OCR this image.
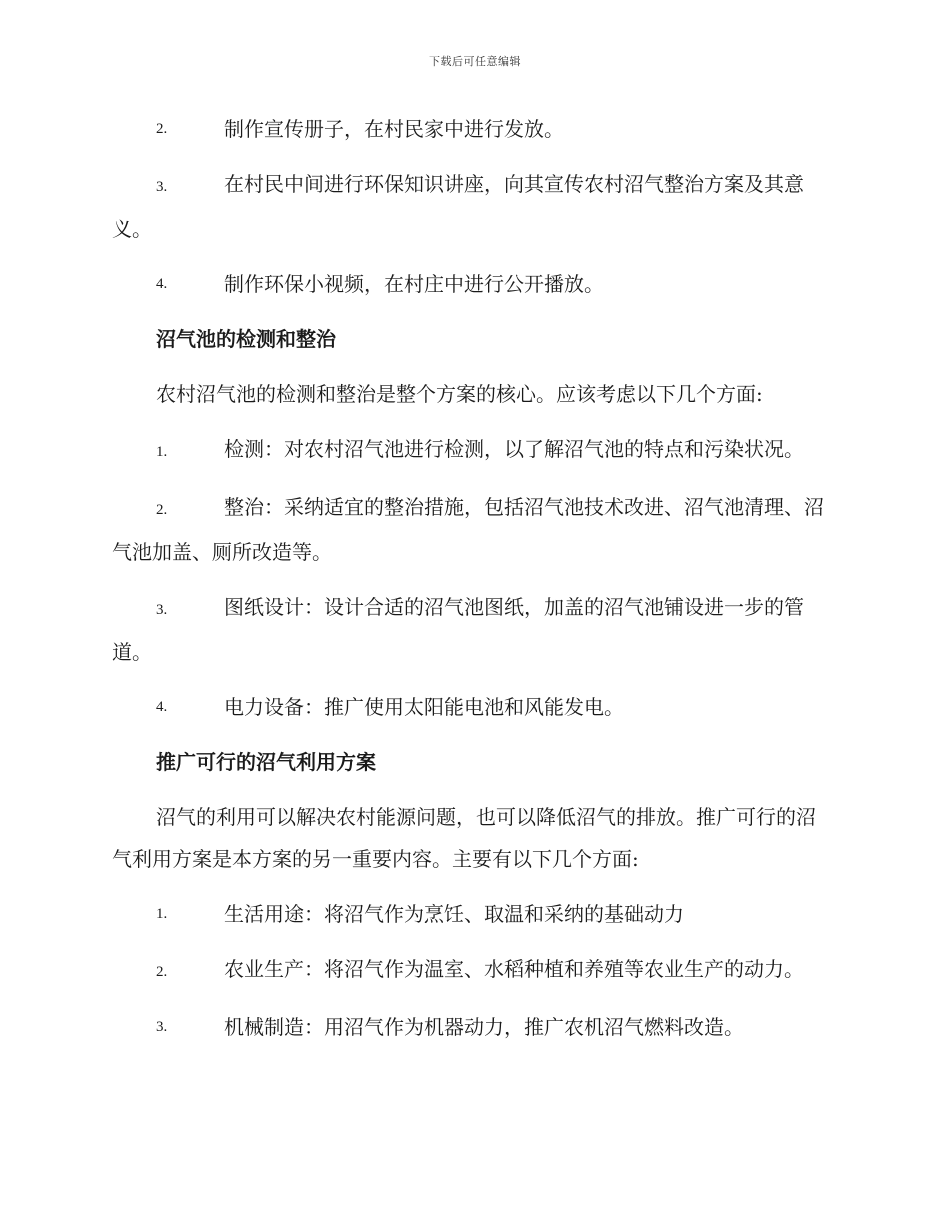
下载后可任意编辑
2.	制作宣传册子，在村民家中进行发放。
3.	在村民中间进行环保知识讲座，向其宣传农村沼气整治方案及其意义。
4.	制作环保小视频，在村庄中进行公开播放。
沼气池的检测和整治
农村沼气池的检测和整治是整个方案的核心。应该考虑以下几个方面:
1.	检测：对农村沼气池进行检测，以了解沼气池的特点和污染状况。
2.	整治：采纳适宜的整治措施，包括沼气池技术改进、沼气池清理、沼气池加盖、厕所改造等。
3.	图纸设计：设计合适的沼气池图纸，加盖的沼气池铺设进一步的管道。
4.	电力设备：推广使用太阳能电池和风能发电。
推广可行的沼气利用方案
沼气的利用可以解决农村能源问题，也可以降低沼气的排放。推广可行的沼气利用方案是本方案的另一重要内容。主要有以下几个方面:
1.	生活用途：将沼气作为烹饪、取温和采纳的基础动力
2.	农业生产：将沼气作为温室、水稻种植和养殖等农业生产的动力。
3.	机械制造：用沼气作为机器动力，推广农机沼气燃料改造。
